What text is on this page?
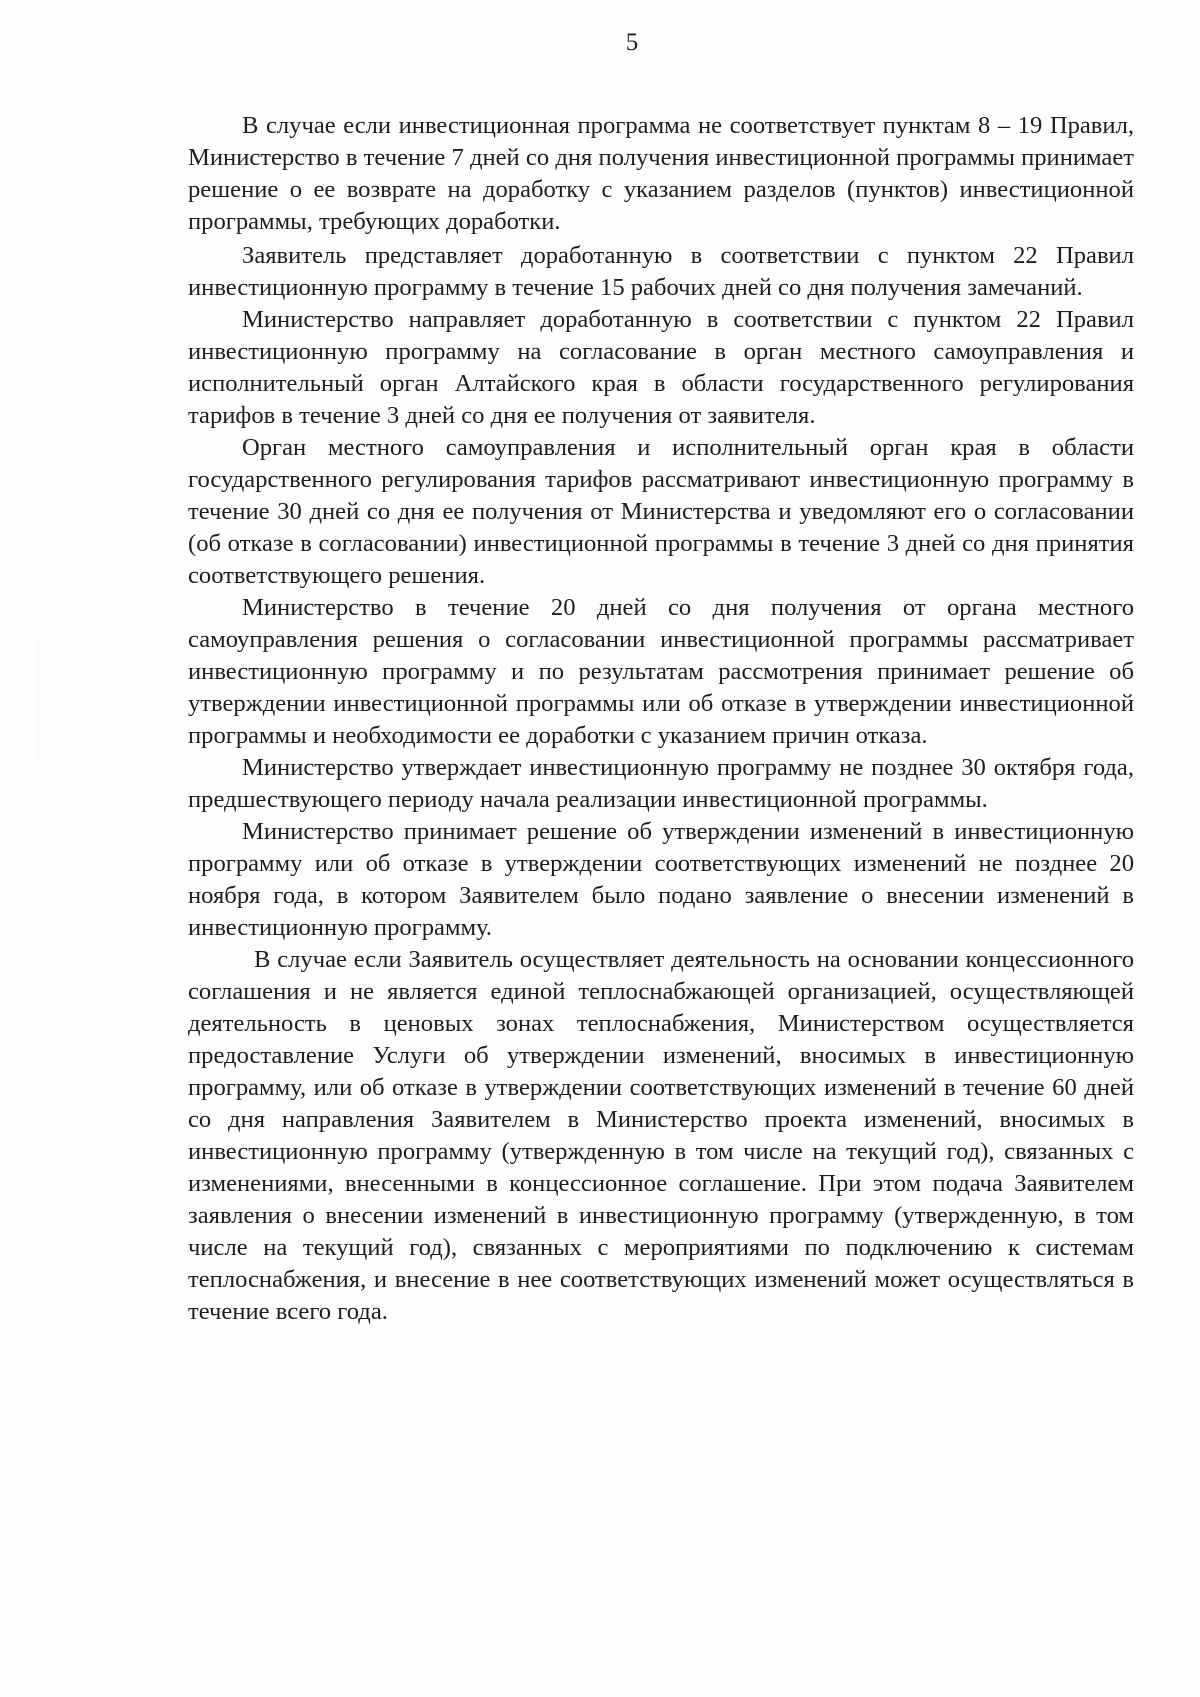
5

В случае если инвестиционная программа не соответствует пунктам 8 – 19 Правил, Министерство в течение 7 дней со дня получения инвестиционной программы принимает решение о ее возврате на доработку с указанием разделов (пунктов) инвестиционной программы, требующих доработки.

Заявитель представляет доработанную в соответствии с пунктом 22 Правил инвестиционную программу в течение 15 рабочих дней со дня получения замечаний.

Министерство направляет доработанную в соответствии с пунктом 22 Правил инвестиционную программу на согласование в орган местного самоуправления и исполнительный орган Алтайского края в области государственного регулирования тарифов в течение 3 дней со дня ее получения от заявителя.

Орган местного самоуправления и исполнительный орган края в области государственного регулирования тарифов рассматривают инвестиционную программу в течение 30 дней со дня ее получения от Министерства и уведомляют его о согласовании (об отказе в согласовании) инвестиционной программы в течение 3 дней со дня принятия соответствующего решения.

Министерство в течение 20 дней со дня получения от органа местного самоуправления решения о согласовании инвестиционной программы рассматривает инвестиционную программу и по результатам рассмотрения принимает решение об утверждении инвестиционной программы или об отказе в утверждении инвестиционной программы и необходимости ее доработки с указанием причин отказа.

Министерство утверждает инвестиционную программу не позднее 30 октября года, предшествующего периоду начала реализации инвестиционной программы.

Министерство принимает решение об утверждении изменений в инвестиционную программу или об отказе в утверждении соответствующих изменений не позднее 20 ноября года, в котором Заявителем было подано заявление о внесении изменений в инвестиционную программу.

В случае если Заявитель осуществляет деятельность на основании концессионного соглашения и не является единой теплоснабжающей организацией, осуществляющей деятельность в ценовых зонах теплоснабжения, Министерством осуществляется предоставление Услуги об утверждении изменений, вносимых в инвестиционную программу, или об отказе в утверждении соответствующих изменений в течение 60 дней со дня направления Заявителем в Министерство проекта изменений, вносимых в инвестиционную программу (утвержденную в том числе на текущий год), связанных с изменениями, внесенными в концессионное соглашение. При этом подача Заявителем заявления о внесении изменений в инвестиционную программу (утвержденную, в том числе на текущий год), связанных с мероприятиями по подключению к системам теплоснабжения, и внесение в нее соответствующих изменений может осуществляться в течение всего года.
